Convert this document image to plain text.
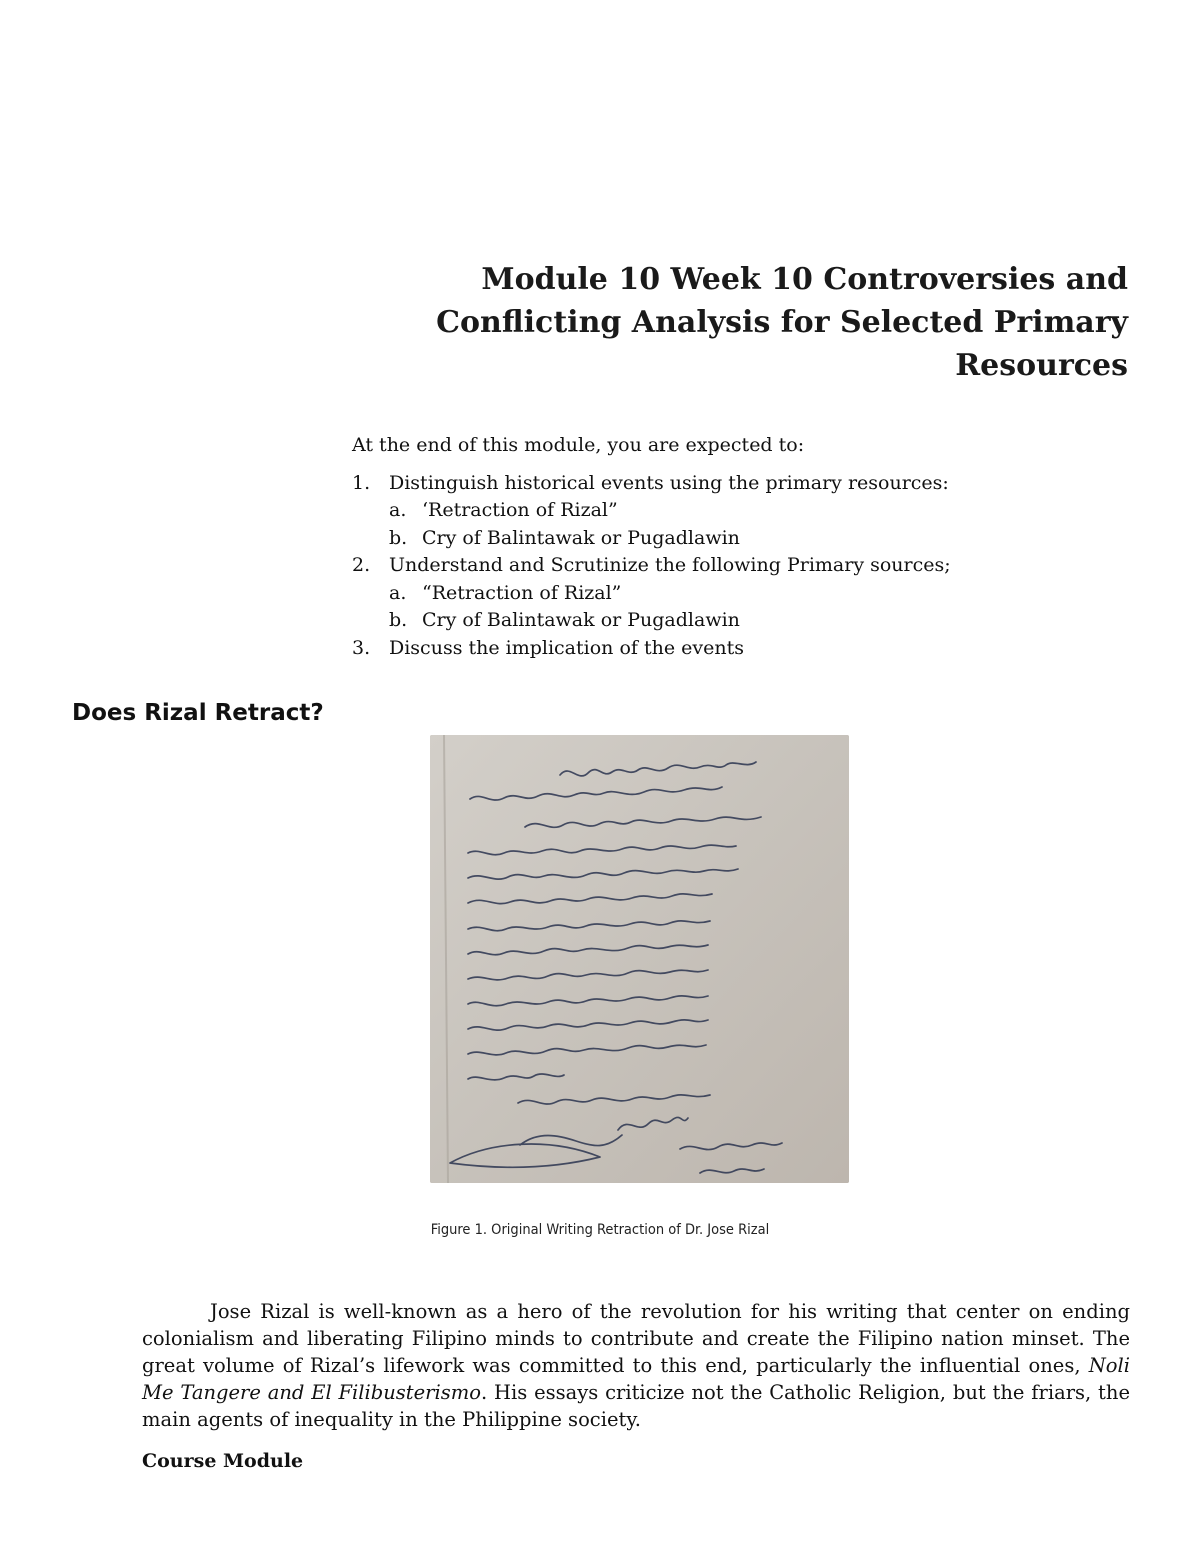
Module 10 Week 10 Controversies and
Conflicting Analysis for Selected Primary
Resources

At the end of this module, you are expected to:

1. Distinguish historical events using the primary resources:
a. ‘Retraction of Rizal”
b. Cry of Balintawak or Pugadlawin
2. Understand and Scrutinize the following Primary sources;
a. “Retraction of Rizal”
b. Cry of Balintawak or Pugadlawin
3. Discuss the implication of the events
Does Rizal Retract?
Figure 1. Original Writing Retraction of Dr. Jose Rizal

Jose Rizal is well-known as a hero of the revolution for his writing that center on ending colonialism and liberating Filipino minds to contribute and create the Filipino nation minset. The great volume of Rizal’s lifework was committed to this end, particularly the influential ones, Noli Me Tangere and El Filibusterismo. His essays criticize not the Catholic Religion, but the friars, the main agents of inequality in the Philippine society.

Course Module
